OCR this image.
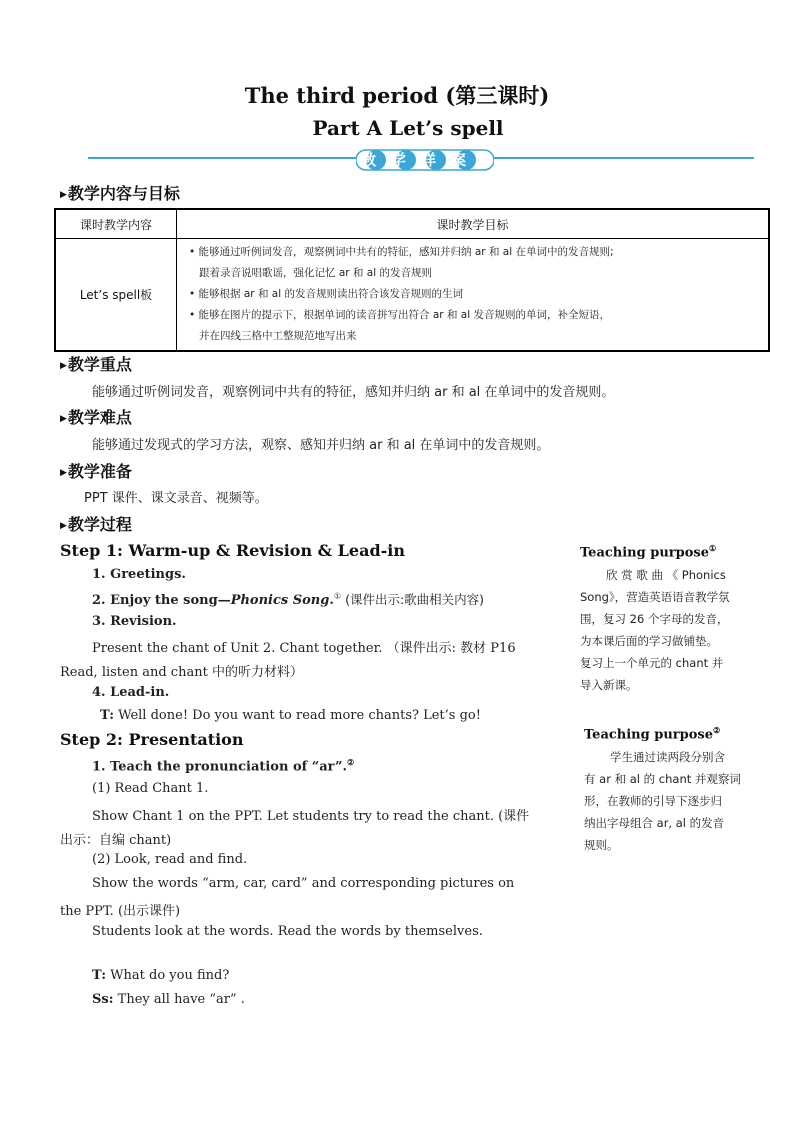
The third period (第三课时)
Part A Let’s spell
教学详案
▶教学内容与目标
课时教学内容	课时教学目标
Let’s spell板	• 能够通过听例词发音，观察例词中共有的特征，感知并归纳 ar 和 al 在单词中的发音规则;
跟着录音说唱歌谣，强化记忆 ar 和 al 的发音规则
• 能够根据 ar 和 al 的发音规则读出符合该发音规则的生词
• 能够在图片的提示下，根据单词的读音拼写出符合 ar 和 al 发音规则的单词，补全短语，
并在四线三格中工整规范地写出来
▶教学重点
能够通过听例词发音，观察例词中共有的特征，感知并归纳 ar 和 al 在单词中的发音规则。
▶教学难点
能够通过发现式的学习方法，观察、感知并归纳 ar 和 al 在单词中的发音规则。
▶教学准备
PPT 课件、课文录音、视频等。
▶教学过程
Step 1: Warm-up & Revision & Lead-in
1. Greetings.
2. Enjoy the song—Phonics Song.① (课件出示:歌曲相关内容)
3. Revision.
Present the chant of Unit 2. Chant together. （课件出示: 教材 P16
Read, listen and chant 中的听力材料）
4. Lead-in.
T: Well done! Do you want to read more chants? Let’s go!
Step 2: Presentation
1. Teach the pronunciation of “ar”.②
(1) Read Chant 1.
Show Chant 1 on the PPT. Let students try to read the chant. (课件
出示：自编 chant)
(2) Look, read and find.
Show the words “arm, car, card” and corresponding pictures on
the PPT. (出示课件)
Students look at the words. Read the words by themselves.
T: What do you find?
Ss: They all have “ar” .
Teaching purpose①
欣 赏 歌 曲 《 Phonics
Song》，营造英语语音教学氛
围，复习 26 个字母的发音，
为本课后面的学习做铺垫。
复习上一个单元的 chant 并
导入新课。
Teaching purpose②
学生通过读两段分别含
有 ar 和 al 的 chant 并观察词
形，在教师的引导下逐步归
纳出字母组合 ar, al 的发音
规则。
